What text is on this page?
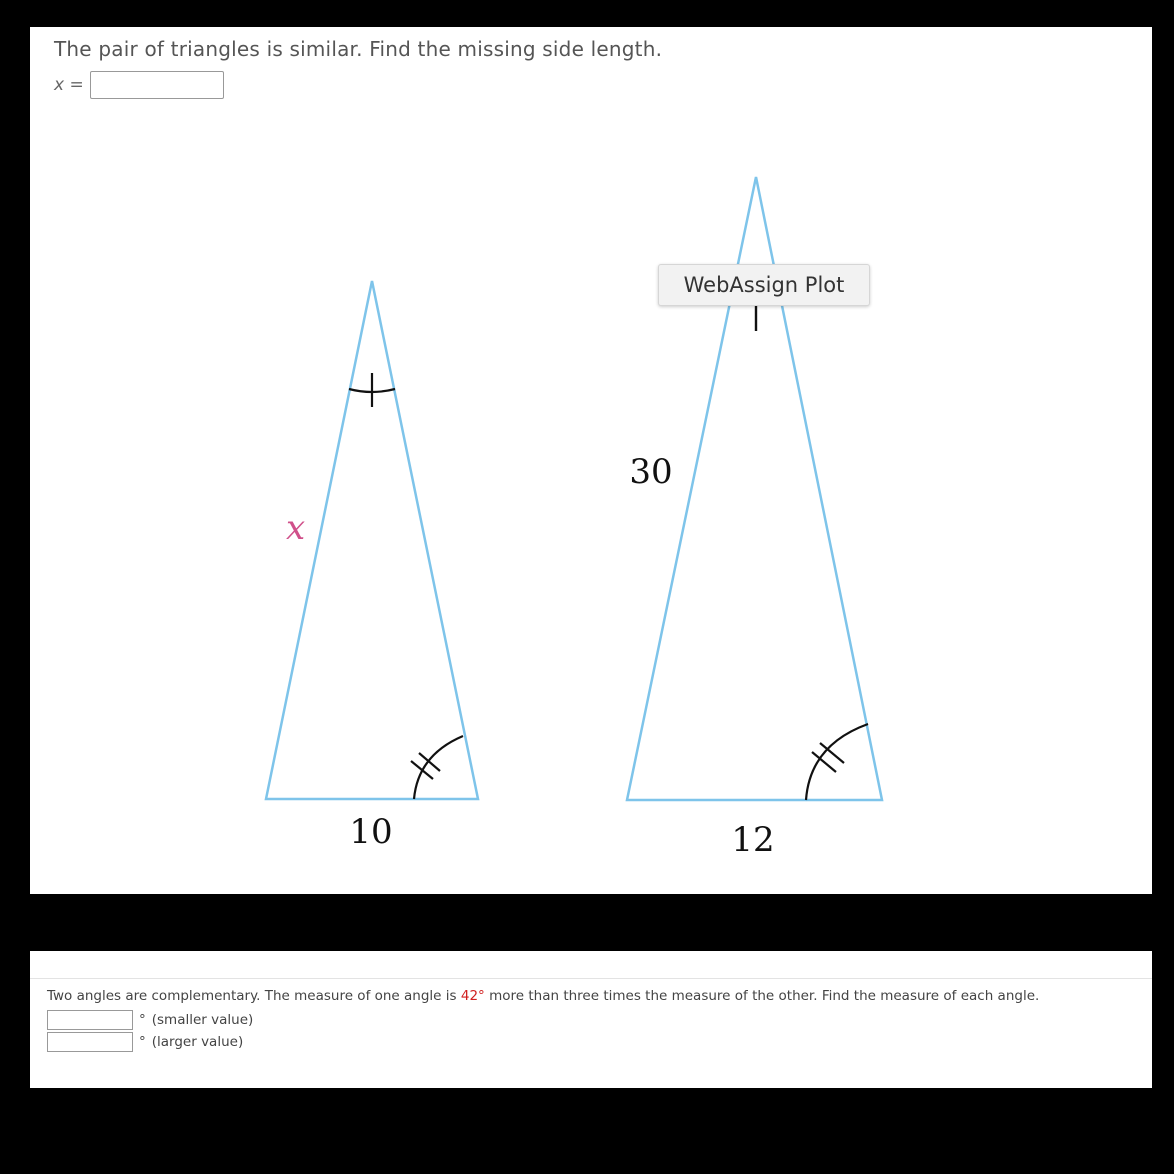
The pair of triangles is similar. Find the missing side length.
x =
x
10
30
12
WebAssign Plot
Two angles are complementary. The measure of one angle is 42° more than three times the measure of the other. Find the measure of each angle.
° (smaller value)
° (larger value)
